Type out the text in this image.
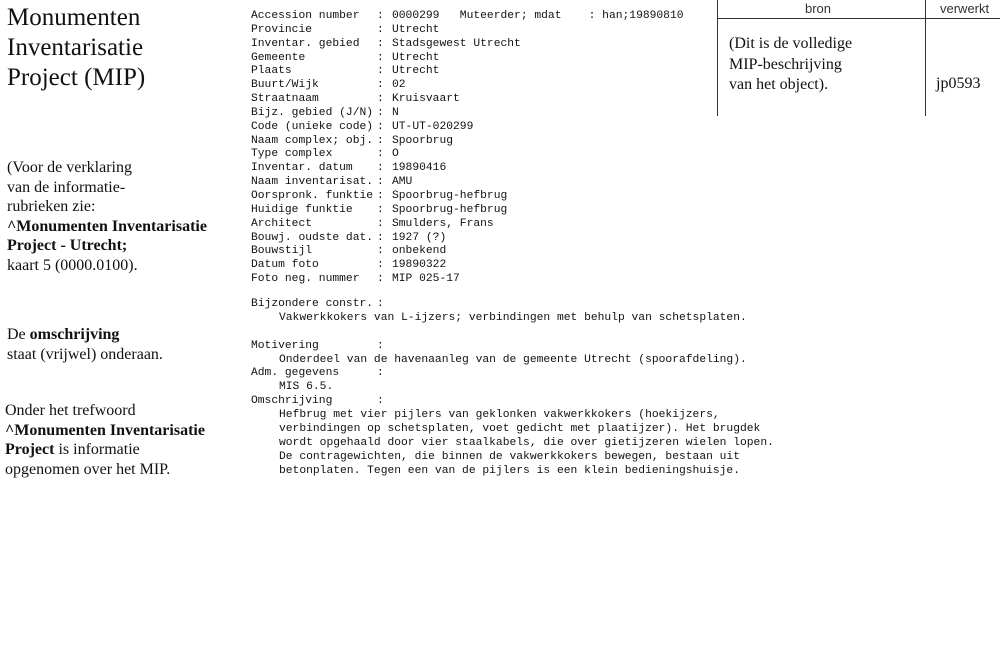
Monumenten
Inventarisatie
Project (MIP)
(Voor de verklaring
van de informatie-
rubrieken zie:
^Monumenten Inventarisatie
Project - Utrecht;
kaart 5 (0000.0100).
De omschrijving
staat (vrijwel) onderaan.
Onder het trefwoord
^Monumenten Inventarisatie
Project is informatie
opgenomen over het MIP.
Accession number : 0000299   Muteerder; mdat    : han;19890810
Provincie	: Utrecht
Inventar. gebied : Stadsgewest Utrecht
Gemeente	: Utrecht
Plaats	: Utrecht
Buurt/Wijk	: 02
Straatnaam	: Kruisvaart
Bijz. gebied (J/N) : N
Code (unieke code) : UT-UT-020299
Naam complex; obj. : Spoorbrug
Type complex	: O
Inventar. datum : 19890416
Naam inventarisat. : AMU
Oorspronk. funktie : Spoorbrug-hefbrug
Huidige funktie : Spoorbrug-hefbrug
Architect	: Smulders, Frans
Bouwj. oudste dat. : 1927 (?)
Bouwstijl	: onbekend
Datum foto	: 19890322
Foto neg. nummer : MIP 025-17
Bijzondere constr. :
Vakwerkkokers van L-ijzers; verbindingen met behulp van schetsplaten.
Motivering	:
Onderdeel van de havenaanleg van de gemeente Utrecht (spoorafdeling).
Adm. gegevens	:
MIS 6.5.
Omschrijving	:
Hefbrug met vier pijlers van geklonken vakwerkkokers (hoekijzers,
verbindingen op schetsplaten, voet gedicht met plaatijzer). Het brugdek
wordt opgehaald door vier staalkabels, die over gietijzeren wielen lopen.
De contragewichten, die binnen de vakwerkkokers bewegen, bestaan uit
betonplaten. Tegen een van de pijlers is een klein bedieningshuisje.
bron	verwerkt
(Dit is de volledige
MIP-beschrijving
van het object).	jp0593
